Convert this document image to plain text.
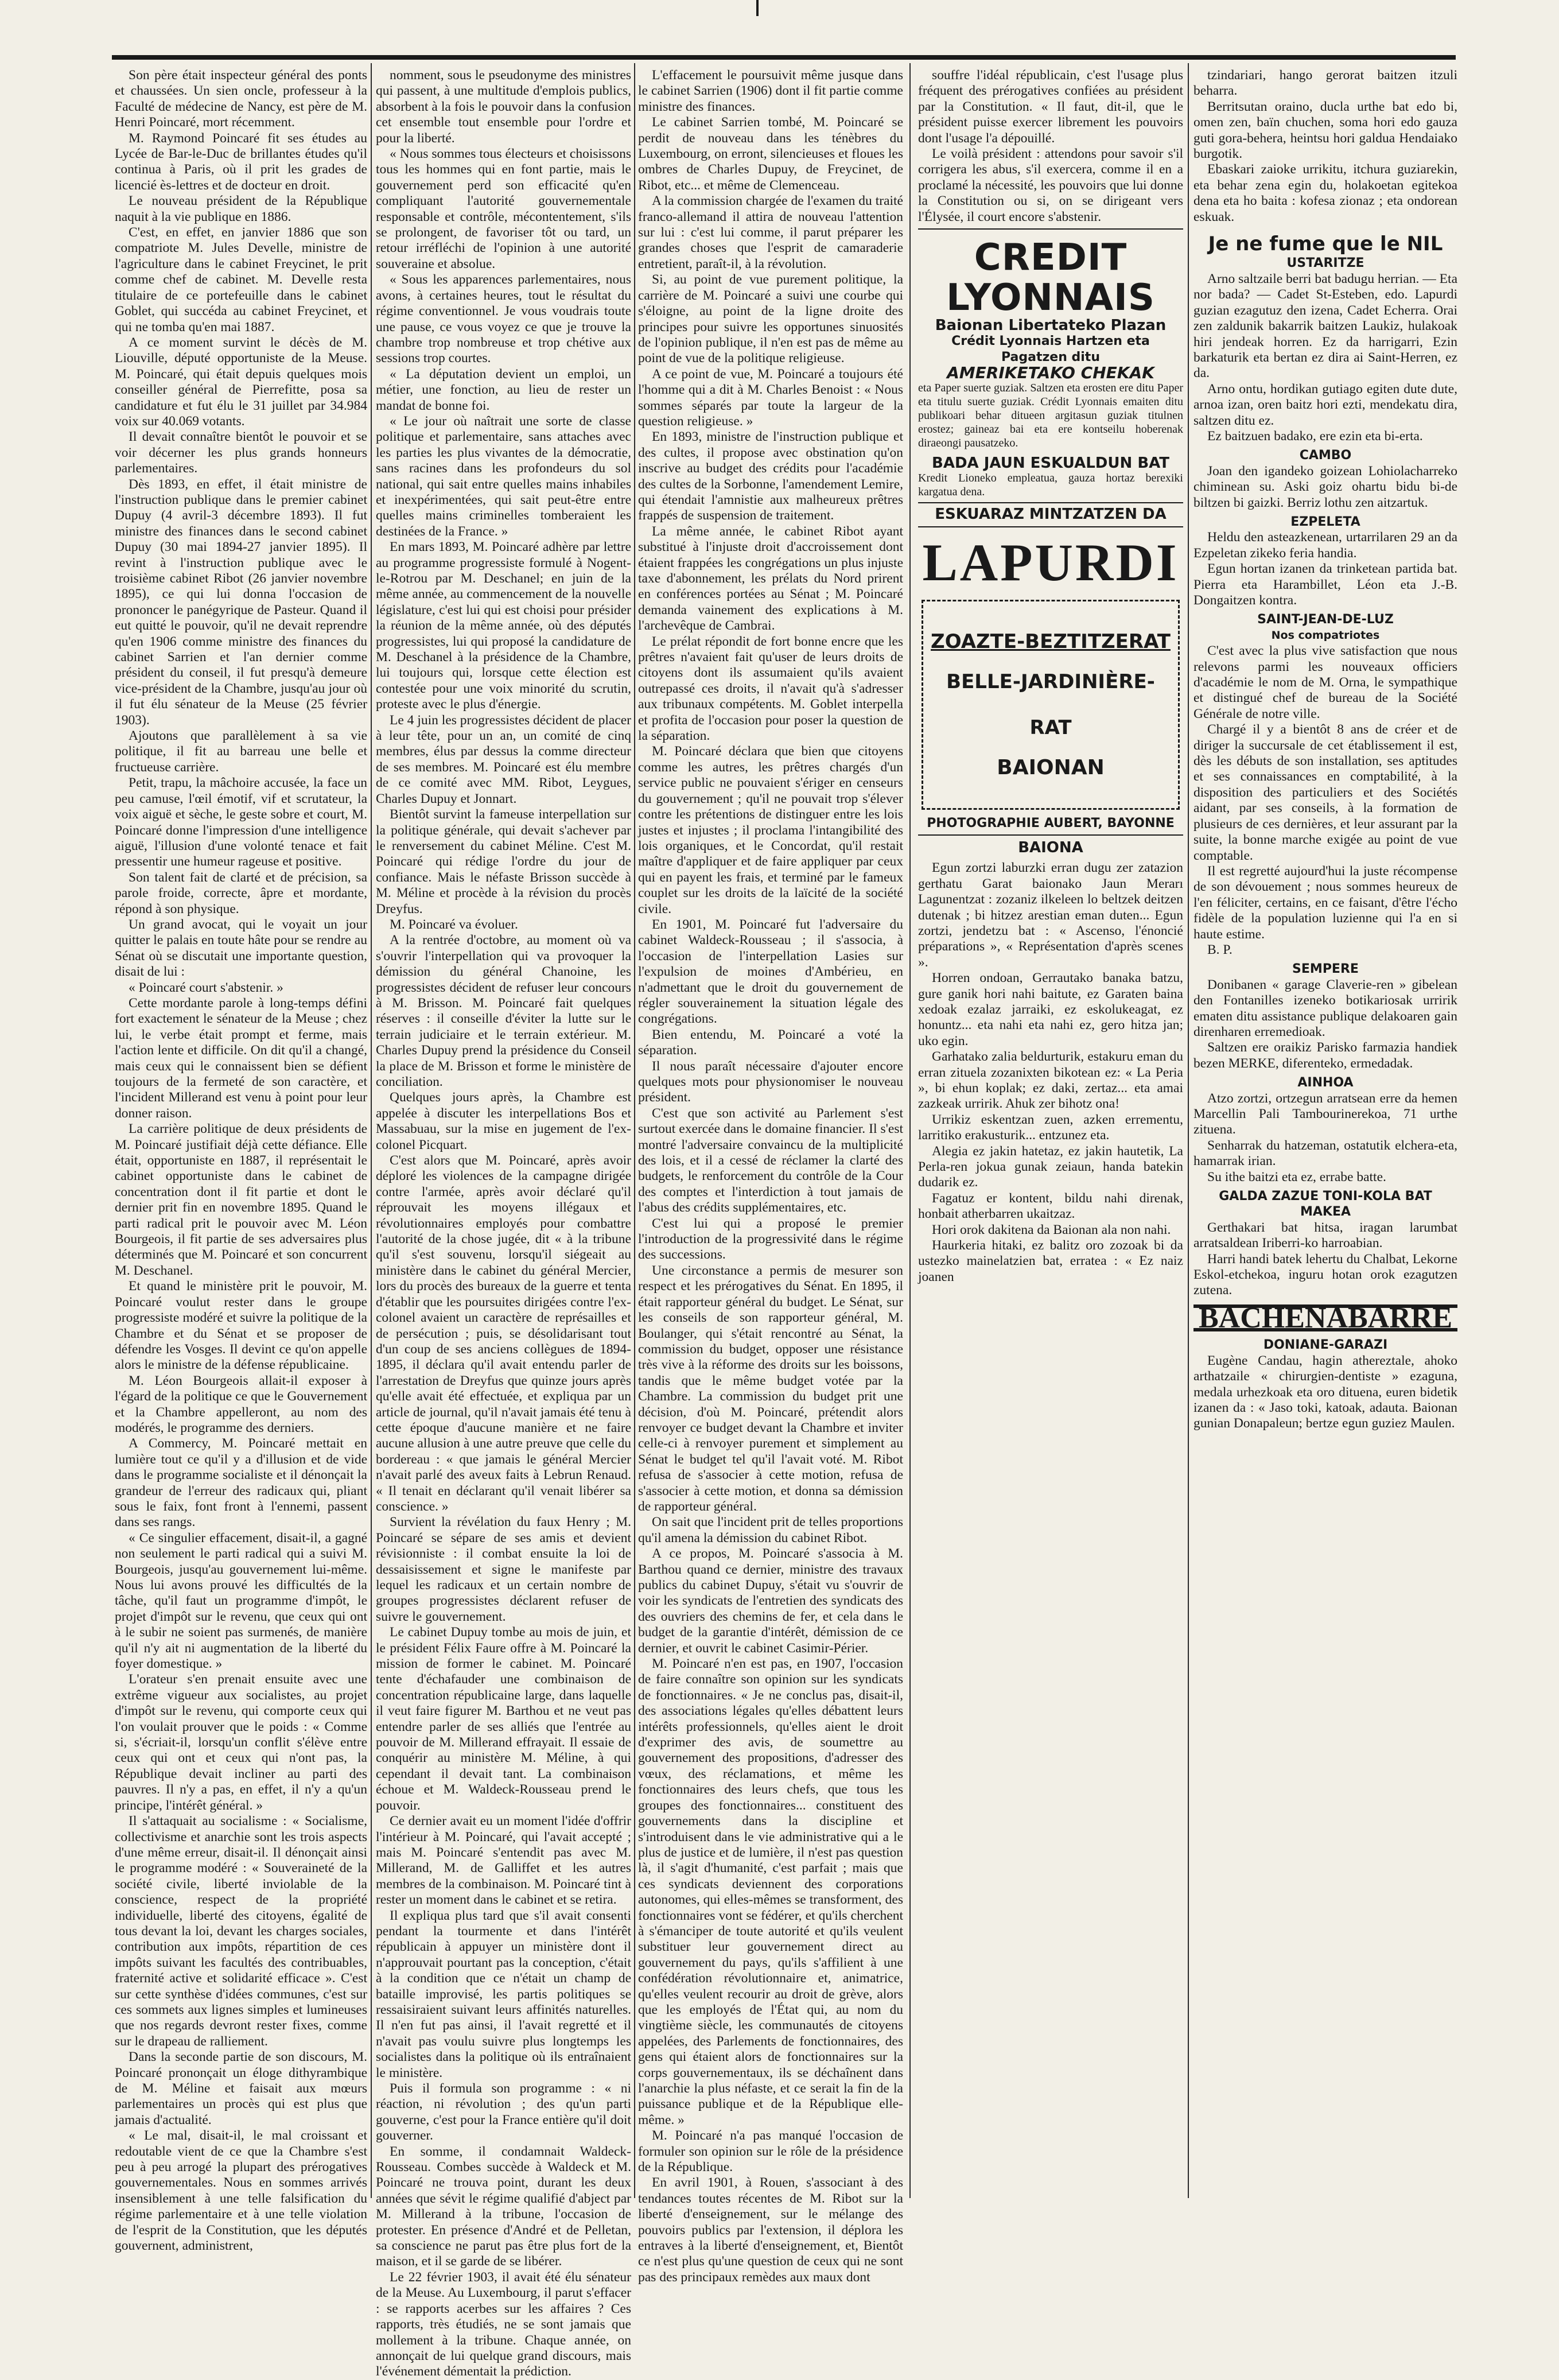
Son père était inspecteur général des ponts et chaussées. Un sien oncle, professeur à la Faculté de médecine de Nancy, est père de M. Henri Poincaré, mort récemment.

M. Raymond Poincaré fit ses études au Lycée de Bar-le-Duc de brillantes études qu'il continua à Paris, où il prit les grades de licencié ès-lettres et de docteur en droit.

Le nouveau président de la République naquit à la vie publique en 1886.

C'est, en effet, en janvier 1886 que son compatriote M. Jules Develle, ministre de l'agriculture dans le cabinet Freycinet, le prit comme chef de cabinet. M. Develle resta titulaire de ce portefeuille dans le cabinet Goblet, qui succéda au cabinet Freycinet, et qui ne tomba qu'en mai 1887.

A ce moment survint le décès de M. Liouville, député opportuniste de la Meuse. M. Poincaré, qui était depuis quelques mois conseiller général de Pierrefitte, posa sa candidature et fut élu le 31 juillet par 34.984 voix sur 40.069 votants.

Il devait connaître bientôt le pouvoir et se voir décerner les plus grands honneurs parlementaires.

Dès 1893, en effet, il était ministre de l'instruction publique dans le premier cabinet Dupuy (4 avril-3 décembre 1893). Il fut ministre des finances dans le second cabinet Dupuy (30 mai 1894-27 janvier 1895). Il revint à l'instruction publique avec le troisième cabinet Ribot (26 janvier novembre 1895), ce qui lui donna l'occasion de prononcer le panégyrique de Pasteur. Quand il eut quitté le pouvoir, qu'il ne devait reprendre qu'en 1906 comme ministre des finances du cabinet Sarrien et l'an dernier comme président du conseil, il fut presqu'à demeure vice-président de la Chambre, jusqu'au jour où il fut élu sénateur de la Meuse (25 février 1903).

Ajoutons que parallèlement à sa vie politique, il fit au barreau une belle et fructueuse carrière.

Petit, trapu, la mâchoire accusée, la face un peu camuse, l'œil émotif, vif et scrutateur, la voix aiguë et sèche, le geste sobre et court, M. Poincaré donne l'impression d'une intelligence aiguë, l'illusion d'une volonté tenace et fait pressentir une humeur rageuse et positive.

Son talent fait de clarté et de précision, sa parole froide, correcte, âpre et mordante, répond à son physique.

Un grand avocat, qui le voyait un jour quitter le palais en toute hâte pour se rendre au Sénat où se discutait une importante question, disait de lui :

« Poincaré court s'abstenir. »

Cette mordante parole à long-temps défini fort exactement le sénateur de la Meuse ; chez lui, le verbe était prompt et ferme, mais l'action lente et difficile. On dit qu'il a changé, mais ceux qui le connaissent bien se défient toujours de la fermeté de son caractère, et l'incident Millerand est venu à point pour leur donner raison.

La carrière politique de deux présidents de M. Poincaré justifiait déjà cette défiance. Elle était, opportuniste en 1887, il représentait le cabinet opportuniste dans le cabinet de concentration dont il fit partie et dont le dernier prit fin en novembre 1895. Quand le parti radical prit le pouvoir avec M. Léon Bourgeois, il fit partie de ses adversaires plus déterminés que M. Poincaré et son concurrent M. Deschanel.

Et quand le ministère prit le pouvoir, M. Poincaré voulut rester dans le groupe progressiste modéré et suivre la politique de la Chambre et du Sénat et se proposer de défendre les Vosges. Il devint ce qu'on appelle alors le ministre de la défense républicaine.

M. Léon Bourgeois allait-il exposer à l'égard de la politique ce que le Gouvernement et la Chambre appelleront, au nom des modérés, le programme des derniers.

A Commercy, M. Poincaré mettait en lumière tout ce qu'il y a d'illusion et de vide dans le programme socialiste et il dénonçait la grandeur de l'erreur des radicaux qui, pliant sous le faix, font front à l'ennemi, passent dans ses rangs.

« Ce singulier effacement, disait-il, a gagné non seulement le parti radical qui a suivi M. Bourgeois, jusqu'au gouvernement lui-même. Nous lui avons prouvé les difficultés de la tâche, qu'il faut un programme d'impôt, le projet d'impôt sur le revenu, que ceux qui ont à le subir ne soient pas surmenés, de manière qu'il n'y ait ni augmentation de la liberté du foyer domestique. »

L'orateur s'en prenait ensuite avec une extrême vigueur aux socialistes, au projet d'impôt sur le revenu, qui comporte ceux qui l'on voulait prouver que le poids : « Comme si, s'écriait-il, lorsqu'un conflit s'élève entre ceux qui ont et ceux qui n'ont pas, la République devait incliner au parti des pauvres. Il n'y a pas, en effet, il n'y a qu'un principe, l'intérêt général. »

Il s'attaquait au socialisme : « Socialisme, collectivisme et anarchie sont les trois aspects d'une même erreur, disait-il. Il dénonçait ainsi le programme modéré : « Souveraineté de la société civile, liberté inviolable de la conscience, respect de la propriété individuelle, liberté des citoyens, égalité de tous devant la loi, devant les charges sociales, contribution aux impôts, répartition de ces impôts suivant les facultés des contribuables, fraternité active et solidarité efficace ». C'est sur cette synthèse d'idées communes, c'est sur ces sommets aux lignes simples et lumineuses que nos regards devront rester fixes, comme sur le drapeau de ralliement.

Dans la seconde partie de son discours, M. Poincaré prononçait un éloge dithyrambique de M. Méline et faisait aux mœurs parlementaires un procès qui est plus que jamais d'actualité.

« Le mal, disait-il, le mal croissant et redoutable vient de ce que la Chambre s'est peu à peu arrogé la plupart des prérogatives gouvernementales. Nous en sommes arrivés insensiblement à une telle falsification du régime parlementaire et à une telle violation de l'esprit de la Constitution, que les députés gouvernent, administrent,

nomment, sous le pseudonyme des ministres qui passent, à une multitude d'emplois publics, absorbent à la fois le pouvoir dans la confusion cet ensemble tout ensemble pour l'ordre et pour la liberté.

« Nous sommes tous électeurs et choisissons tous les hommes qui en font partie, mais le gouvernement perd son efficacité qu'en compliquant l'autorité gouvernementale responsable et contrôle, mécontentement, s'ils se prolongent, de favoriser tôt ou tard, un retour irréfléchi de l'opinion à une autorité souveraine et absolue.

« Sous les apparences parlementaires, nous avons, à certaines heures, tout le résultat du régime conventionnel. Je vous voudrais toute une pause, ce vous voyez ce que je trouve la chambre trop nombreuse et trop chétive aux sessions trop courtes.

« La députation devient un emploi, un métier, une fonction, au lieu de rester un mandat de bonne foi.

« Le jour où naîtrait une sorte de classe politique et parlementaire, sans attaches avec les parties les plus vivantes de la démocratie, sans racines dans les profondeurs du sol national, qui sait entre quelles mains inhabiles et inexpérimentées, qui sait peut-être entre quelles mains criminelles tomberaient les destinées de la France. »

En mars 1893, M. Poincaré adhère par lettre au programme progressiste formulé à Nogent-le-Rotrou par M. Deschanel; en juin de la même année, au commencement de la nouvelle législature, c'est lui qui est choisi pour présider la réunion de la même année, où des députés progressistes, lui qui proposé la candidature de M. Deschanel à la présidence de la Chambre, lui toujours qui, lorsque cette élection est contestée pour une voix minorité du scrutin, proteste avec le plus d'énergie.

Le 4 juin les progressistes décident de placer à leur tête, pour un an, un comité de cinq membres, élus par dessus la comme directeur de ses membres. M. Poincaré est élu membre de ce comité avec MM. Ribot, Leygues, Charles Dupuy et Jonnart.

Bientôt survint la fameuse interpellation sur la politique générale, qui devait s'achever par le renversement du cabinet Méline. C'est M. Poincaré qui rédige l'ordre du jour de confiance. Mais le néfaste Brisson succède à M. Méline et procède à la révision du procès Dreyfus.

M. Poincaré va évoluer.

A la rentrée d'octobre, au moment où va s'ouvrir l'interpellation qui va provoquer la démission du général Chanoine, les progressistes décident de refuser leur concours à M. Brisson. M. Poincaré fait quelques réserves : il conseille d'éviter la lutte sur le terrain judiciaire et le terrain extérieur. M. Charles Dupuy prend la présidence du Conseil la place de M. Brisson et forme le ministère de conciliation.

Quelques jours après, la Chambre est appelée à discuter les interpellations Bos et Massabuau, sur la mise en jugement de l'ex-colonel Picquart.

C'est alors que M. Poincaré, après avoir déploré les violences de la campagne dirigée contre l'armée, après avoir déclaré qu'il réprouvait les moyens illégaux et révolutionnaires employés pour combattre l'autorité de la chose jugée, dit « à la tribune qu'il s'est souvenu, lorsqu'il siégeait au ministère dans le cabinet du général Mercier, lors du procès des bureaux de la guerre et tenta d'établir que les poursuites dirigées contre l'ex-colonel avaient un caractère de représailles et de persécution ; puis, se désolidarisant tout d'un coup de ses anciens collègues de 1894-1895, il déclara qu'il avait entendu parler de l'arrestation de Dreyfus que quinze jours après qu'elle avait été effectuée, et expliqua par un article de journal, qu'il n'avait jamais été tenu à cette époque d'aucune manière et ne faire aucune allusion à une autre preuve que celle du bordereau : « que jamais le général Mercier n'avait parlé des aveux faits à Lebrun Renaud. « Il tenait en déclarant qu'il venait libérer sa conscience. »

Survient la révélation du faux Henry ; M. Poincaré se sépare de ses amis et devient révisionniste : il combat ensuite la loi de dessaisissement et signe le manifeste par lequel les radicaux et un certain nombre de groupes progressistes déclarent refuser de suivre le gouvernement.

Le cabinet Dupuy tombe au mois de juin, et le président Félix Faure offre à M. Poincaré la mission de former le cabinet. M. Poincaré tente d'échafauder une combinaison de concentration républicaine large, dans laquelle il veut faire figurer M. Barthou et ne veut pas entendre parler de ses alliés que l'entrée au pouvoir de M. Millerand effrayait. Il essaie de conquérir au ministère M. Méline, à qui cependant il devait tant. La combinaison échoue et M. Waldeck-Rousseau prend le pouvoir.

Ce dernier avait eu un moment l'idée d'offrir l'intérieur à M. Poincaré, qui l'avait accepté ; mais M. Poincaré s'entendit pas avec M. Millerand, M. de Galliffet et les autres membres de la combinaison. M. Poincaré tint à rester un moment dans le cabinet et se retira.

Il expliqua plus tard que s'il avait consenti pendant la tourmente et dans l'intérêt républicain à appuyer un ministère dont il n'approuvait pourtant pas la conception, c'était à la condition que ce n'était un champ de bataille improvisé, les partis politiques se ressaisiraient suivant leurs affinités naturelles. Il n'en fut pas ainsi, il l'avait regretté et il n'avait pas voulu suivre plus longtemps les socialistes dans la politique où ils entraînaient le ministère.

Puis il formula son programme : « ni réaction, ni révolution ; des qu'un parti gouverne, c'est pour la France entière qu'il doit gouverner.

En somme, il condamnait Waldeck-Rousseau. Combes succède à Waldeck et M. Poincaré ne trouva point, durant les deux années que sévit le régime qualifié d'abject par M. Millerand à la tribune, l'occasion de protester. En présence d'André et de Pelletan, sa conscience ne parut pas être plus fort de la maison, et il se garde de se libérer.

Le 22 février 1903, il avait été élu sénateur de la Meuse. Au Luxembourg, il parut s'effacer : se rapports acerbes sur les affaires ? Ces rapports, très étudiés, ne se sont jamais que mollement à la tribune. Chaque année, on annonçait de lui quelque grand discours, mais l'événement démentait la prédiction.

L'effacement le poursuivit même jusque dans le cabinet Sarrien (1906) dont il fit partie comme ministre des finances.

Le cabinet Sarrien tombé, M. Poincaré se perdit de nouveau dans les ténèbres du Luxembourg, on erront, silencieuses et floues les ombres de Charles Dupuy, de Freycinet, de Ribot, etc... et même de Clemenceau.

A la commission chargée de l'examen du traité franco-allemand il attira de nouveau l'attention sur lui : c'est lui comme, il parut préparer les grandes choses que l'esprit de camaraderie entretient, paraît-il, à la révolution.

Si, au point de vue purement politique, la carrière de M. Poincaré a suivi une courbe qui s'éloigne, au point de la ligne droite des principes pour suivre les opportunes sinuosités de l'opinion publique, il n'en est pas de même au point de vue de la politique religieuse.

A ce point de vue, M. Poincaré a toujours été l'homme qui a dit à M. Charles Benoist : « Nous sommes séparés par toute la largeur de la question religieuse. »

En 1893, ministre de l'instruction publique et des cultes, il propose avec obstination qu'on inscrive au budget des crédits pour l'académie des cultes de la Sorbonne, l'amendement Lemire, qui étendait l'amnistie aux malheureux prêtres frappés de suspension de traitement.

La même année, le cabinet Ribot ayant substitué à l'injuste droit d'accroissement dont étaient frappées les congrégations un plus injuste taxe d'abonnement, les prélats du Nord prirent en conférences portées au Sénat ; M. Poincaré demanda vainement des explications à M. l'archevêque de Cambrai.

Le prélat répondit de fort bonne encre que les prêtres n'avaient fait qu'user de leurs droits de citoyens dont ils assumaient qu'ils avaient outrepassé ces droits, il n'avait qu'à s'adresser aux tribunaux compétents. M. Goblet interpella et profita de l'occasion pour poser la question de la séparation.

M. Poincaré déclara que bien que citoyens comme les autres, les prêtres chargés d'un service public ne pouvaient s'ériger en censeurs du gouvernement ; qu'il ne pouvait trop s'élever contre les prétentions de distinguer entre les lois justes et injustes ; il proclama l'intangibilité des lois organiques, et le Concordat, qu'il restait maître d'appliquer et de faire appliquer par ceux qui en payent les frais, et terminé par le fameux couplet sur les droits de la laïcité de la société civile.

En 1901, M. Poincaré fut l'adversaire du cabinet Waldeck-Rousseau ; il s'associa, à l'occasion de l'interpellation Lasies sur l'expulsion de moines d'Ambérieu, en n'admettant que le droit du gouvernement de régler souverainement la situation légale des congrégations.

Bien entendu, M. Poincaré a voté la séparation.

Il nous paraît nécessaire d'ajouter encore quelques mots pour physionomiser le nouveau président.

C'est que son activité au Parlement s'est surtout exercée dans le domaine financier. Il s'est montré l'adversaire convaincu de la multiplicité des lois, et il a cessé de réclamer la clarté des budgets, le renforcement du contrôle de la Cour des comptes et l'interdiction à tout jamais de l'abus des crédits supplémentaires, etc.

C'est lui qui a proposé le premier l'introduction de la progressivité dans le régime des successions.

Une circonstance a permis de mesurer son respect et les prérogatives du Sénat. En 1895, il était rapporteur général du budget. Le Sénat, sur les conseils de son rapporteur général, M. Boulanger, qui s'était rencontré au Sénat, la commission du budget, opposer une résistance très vive à la réforme des droits sur les boissons, tandis que le même budget votée par la Chambre. La commission du budget prit une décision, d'où M. Poincaré, prétendit alors renvoyer ce budget devant la Chambre et inviter celle-ci à renvoyer purement et simplement au Sénat le budget tel qu'il l'avait voté. M. Ribot refusa de s'associer à cette motion, refusa de s'associer à cette motion, et donna sa démission de rapporteur général.

On sait que l'incident prit de telles proportions qu'il amena la démission du cabinet Ribot.

A ce propos, M. Poincaré s'associa à M. Barthou quand ce dernier, ministre des travaux publics du cabinet Dupuy, s'était vu s'ouvrir de voir les syndicats de l'entretien des syndicats des des ouvriers des chemins de fer, et cela dans le budget de la garantie d'intérêt, démission de ce dernier, et ouvrit le cabinet Casimir-Périer.

M. Poincaré n'en est pas, en 1907, l'occasion de faire connaître son opinion sur les syndicats de fonctionnaires. « Je ne conclus pas, disait-il, des associations légales qu'elles débattent leurs intérêts professionnels, qu'elles aient le droit d'exprimer des avis, de soumettre au gouvernement des propositions, d'adresser des vœux, des réclamations, et même les fonctionnaires des leurs chefs, que tous les groupes des fonctionnaires... constituent des gouvernements dans la discipline et s'introduisent dans le vie administrative qui a le plus de justice et de lumière, il n'est pas question là, il s'agit d'humanité, c'est parfait ; mais que ces syndicats deviennent des corporations autonomes, qui elles-mêmes se transforment, des fonctionnaires vont se fédérer, et qu'ils cherchent à s'émanciper de toute autorité et qu'ils veulent substituer leur gouvernement direct au gouvernement du pays, qu'ils s'affilient à une confédération révolutionnaire et, animatrice, qu'elles veulent recourir au droit de grève, alors que les employés de l'État qui, au nom du vingtième siècle, les communautés de citoyens appelées, des Parlements de fonctionnaires, des gens qui étaient alors de fonctionnaires sur la corps gouvernementaux, ils se déchaînent dans l'anarchie la plus néfaste, et ce serait la fin de la puissance publique et de la République elle-même. »

M. Poincaré n'a pas manqué l'occasion de formuler son opinion sur le rôle de la présidence de la République.

En avril 1901, à Rouen, s'associant à des tendances toutes récentes de M. Ribot sur la liberté d'enseignement, sur le mélange des pouvoirs publics par l'extension, il déplora les entraves à la liberté d'enseignement, et, Bientôt ce n'est plus qu'une question de ceux qui ne sont pas des principaux remèdes aux maux dont

souffre l'idéal républicain, c'est l'usage plus fréquent des prérogatives confiées au président par la Constitution. « Il faut, dit-il, que le président puisse exercer librement les pouvoirs dont l'usage l'a dépouillé.

Le voilà président : attendons pour savoir s'il corrigera les abus, s'il exercera, comme il en a proclamé la nécessité, les pouvoirs que lui donne la Constitution ou si, on se dirigeant vers l'Élysée, il court encore s'abstenir.

CREDIT LYONNAIS
Baionan Libertateko Plazan
Crédit Lyonnais Hartzen eta Pagatzen ditu
AMERIKETAKO CHEKAK

eta Paper suerte guziak. Saltzen eta erosten ere ditu Paper eta titulu suerte guziak. Crédit Lyonnais emaiten ditu publikoari behar ditueen argitasun guziak titulnen erostez; gaineaz bai eta ere kontseilu hoberenak diraeongi pausatzeko.

BADA JAUN ESKUALDUN BAT

Kredit Lioneko empleatua, gauza hortaz berexiki kargatua dena.

ESKUARAZ MINTZATZEN DA
LAPURDI
ZOAZTE-BEZTITZERAT
BELLE-JARDINIÈRE-RAT
BAIONAN
PHOTOGRAPHIE AUBERT, BAYONNE
BAIONA

Egun zortzi laburzki erran dugu zer zatazion gerthatu Garat baionako Jaun Merarı Lagunentzat : zozaniz ilkeleen lo beltzek deitzen dutenak ; bi hitzez arestian eman duten... Egun zortzi, jendetzu bat : « Ascenso, l'énoncié préparations », « Représentation d'après scenes ».

Horren ondoan, Gerrautako banaka batzu, gure ganik hori nahi baitute, ez Garaten baina xedoak ezalaz jarraiki, ez eskolukeagat, ez honuntz... eta nahi eta nahi ez, gero hitza jan; uko egin.

Garhatako zalia beldurturik, estakuru eman du erran zituela zozanixten bikotean ez: « La Peria », bi ehun koplak; ez daki, zertaz... eta amai zazkeak urririk. Ahuk zer bihotz ona!

Urrikiz eskentzan zuen, azken errementu, larritiko erakusturik... entzunez eta.

Alegia ez jakin hatetaz, ez jakin hautetik, La Perla-ren jokua gunak zeiaun, handa batekin dudarik ez.

Fagatuz er kontent, bildu nahi direnak, honbait atherbarren ukaitzaz.

Hori orok dakitena da Baionan ala non nahi.

Haurkeria hitaki, ez balitz oro zozoak bi da ustezko mainelatzien bat, erratea : « Ez naiz joanen

tzindariari, hango gerorat baitzen itzuli beharra.

Berritsutan oraino, ducla urthe bat edo bi, omen zen, baïn chuchen, soma hori edo gauza guti gora-behera, heintsu hori galdua Hendaiako burgotik.

Ebaskari zaioke urrikitu, itchura guziarekin, eta behar zena egin du, holakoetan egitekoa dena eta ho baita : kofesa zionaz ; eta ondorean eskuak.

Je ne fume que le NIL
USTARITZE

Arno saltzaile berri bat badugu herrian. — Eta nor bada? — Cadet St-Esteben, edo. Lapurdi guzian ezagutuz den izena, Cadet Echerra. Orai zen zaldunik bakarrik baitzen Laukiz, hulakoak hiri jendeak horren. Ez da harrigarri, Ezin barkaturik eta bertan ez dira ai Saint-Herren, ez da.

Arno ontu, hordikan gutiago egiten dute dute, arnoa izan, oren baitz hori ezti, mendekatu dira, saltzen ditu ez.

Ez baitzuen badako, ere ezin eta bi-erta.

CAMBO

Joan den igandeko goizean Lohiolacharreko chiminean su. Aski goiz ohartu bidu bi-de biltzen bi gaizki. Berriz lothu zen aitzartuk.

EZPELETA

Heldu den asteazkenean, urtarrilaren 29 an da Ezpeletan zikeko feria handia.

Egun hortan izanen da trinketean partida bat. Pierra eta Harambillet, Léon eta J.-B. Dongaitzen kontra.

SAINT-JEAN-DE-LUZ
Nos compatriotes

C'est avec la plus vive satisfaction que nous relevons parmi les nouveaux officiers d'académie le nom de M. Orna, le sympathique et distingué chef de bureau de la Société Générale de notre ville.

Chargé il y a bientôt 8 ans de créer et de diriger la succursale de cet établissement il est, dès les débuts de son installation, ses aptitudes et ses connaissances en comptabilité, à la disposition des particuliers et des Sociétés aidant, par ses conseils, à la formation de plusieurs de ces dernières, et leur assurant par la suite, la bonne marche exigée au point de vue comptable.

Il est regretté aujourd'hui la juste récompense de son dévouement ; nous sommes heureux de l'en féliciter, certains, en ce faisant, d'être l'écho fidèle de la population luzienne qui l'a en si haute estime.

B. P.

SEMPERE

Donibanen « garage Claverie-ren » gibelean den Fontanilles izeneko botikariosak urririk ematen ditu assistance publique delakoaren gain direnharen erremedioak.

Saltzen ere oraikiz Parisko farmazia handiek bezen MERKE, diferenteko, ermedadak.

AINHOA

Atzo zortzi, ortzegun arratsean erre da hemen Marcellin Pali Tambourinerekoa, 71 urthe zituena.

Senharrak du hatzeman, ostatutik elchera-eta, hamarrak irian.

Su ithe baitzi eta ez, errabe batte.

GALDA ZAZUE TONI-KOLA BAT
MAKEA

Gerthakari bat hitsa, iragan larumbat arratsaldean Iriberri-ko harroabian.

Harri handi batek lehertu du Chalbat, Lekorne Eskol-etchekoa, inguru hotan orok ezagutzen zutena.

BACHENABARRE
DONIANE-GARAZI

Eugène Candau, hagin athereztale, ahoko arthatzaile « chirurgien-dentiste » ezaguna, medala urhezkoak eta oro dituena, euren bidetik izanen da : « Jaso toki, katoak, adauta. Baionan gunian Donapaleun; bertze egun guziez Maulen.
